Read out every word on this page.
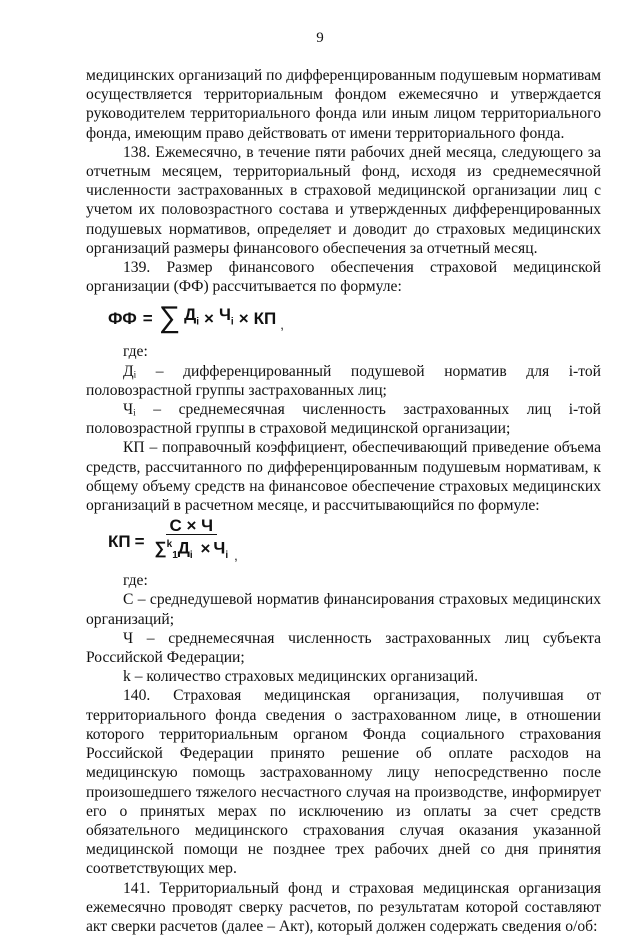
9

медицинских организаций по дифференцированным подушевым нормативам осуществляется территориальным фондом ежемесячно и утверждается руководителем территориального фонда или иным лицом территориального фонда, имеющим право действовать от имени территориального фонда.

138. Ежемесячно, в течение пяти рабочих дней месяца, следующего за отчетным месяцем, территориальный фонд, исходя из среднемесячной численности застрахованных в страховой медицинской организации лиц с учетом их половозрастного состава и утвержденных дифференцированных подушевых нормативов, определяет и доводит до страховых медицинских организаций размеры финансового обеспечения за отчетный месяц.

139. Размер финансового обеспечения страховой медицинской организации (ФФ) рассчитывается по формуле:

ФФ = ∑ $Д_i \times Ч_i$ × КП ,

где:

Дᵢ – дифференцированный подушевой норматив для i-той половозрастной группы застрахованных лиц;

Чᵢ – среднемесячная численность застрахованных лиц i-той половозрастной группы в страховой медицинской организации;

КП – поправочный коэффициент, обеспечивающий приведение объема средств, рассчитанного по дифференцированным подушевым нормативам, к общему объему средств на финансовое обеспечение страховых медицинских организаций в расчетном месяце, и рассчитывающийся по формуле:

КП = $\frac{С \times Ч}{\sum^k_1Д_i \times Ч_i}$ ,

где:

С – среднедушевой норматив финансирования страховых медицинских организаций;

Ч – среднемесячная численность застрахованных лиц субъекта Российской Федерации;

k – количество страховых медицинских организаций.

140. Страховая медицинская организация, получившая от территориального фонда сведения о застрахованном лице, в отношении которого территориальным органом Фонда социального страхования Российской Федерации принято решение об оплате расходов на медицинскую помощь застрахованному лицу непосредственно после произошедшего тяжелого несчастного случая на производстве, информирует его о принятых мерах по исключению из оплаты за счет средств обязательного медицинского страхования случая оказания указанной медицинской помощи не позднее трех рабочих дней со дня принятия соответствующих мер.

141. Территориальный фонд и страховая медицинская организация ежемесячно проводят сверку расчетов, по результатам которой составляют акт сверки расчетов (далее – Акт), который должен содержать сведения о/об:
